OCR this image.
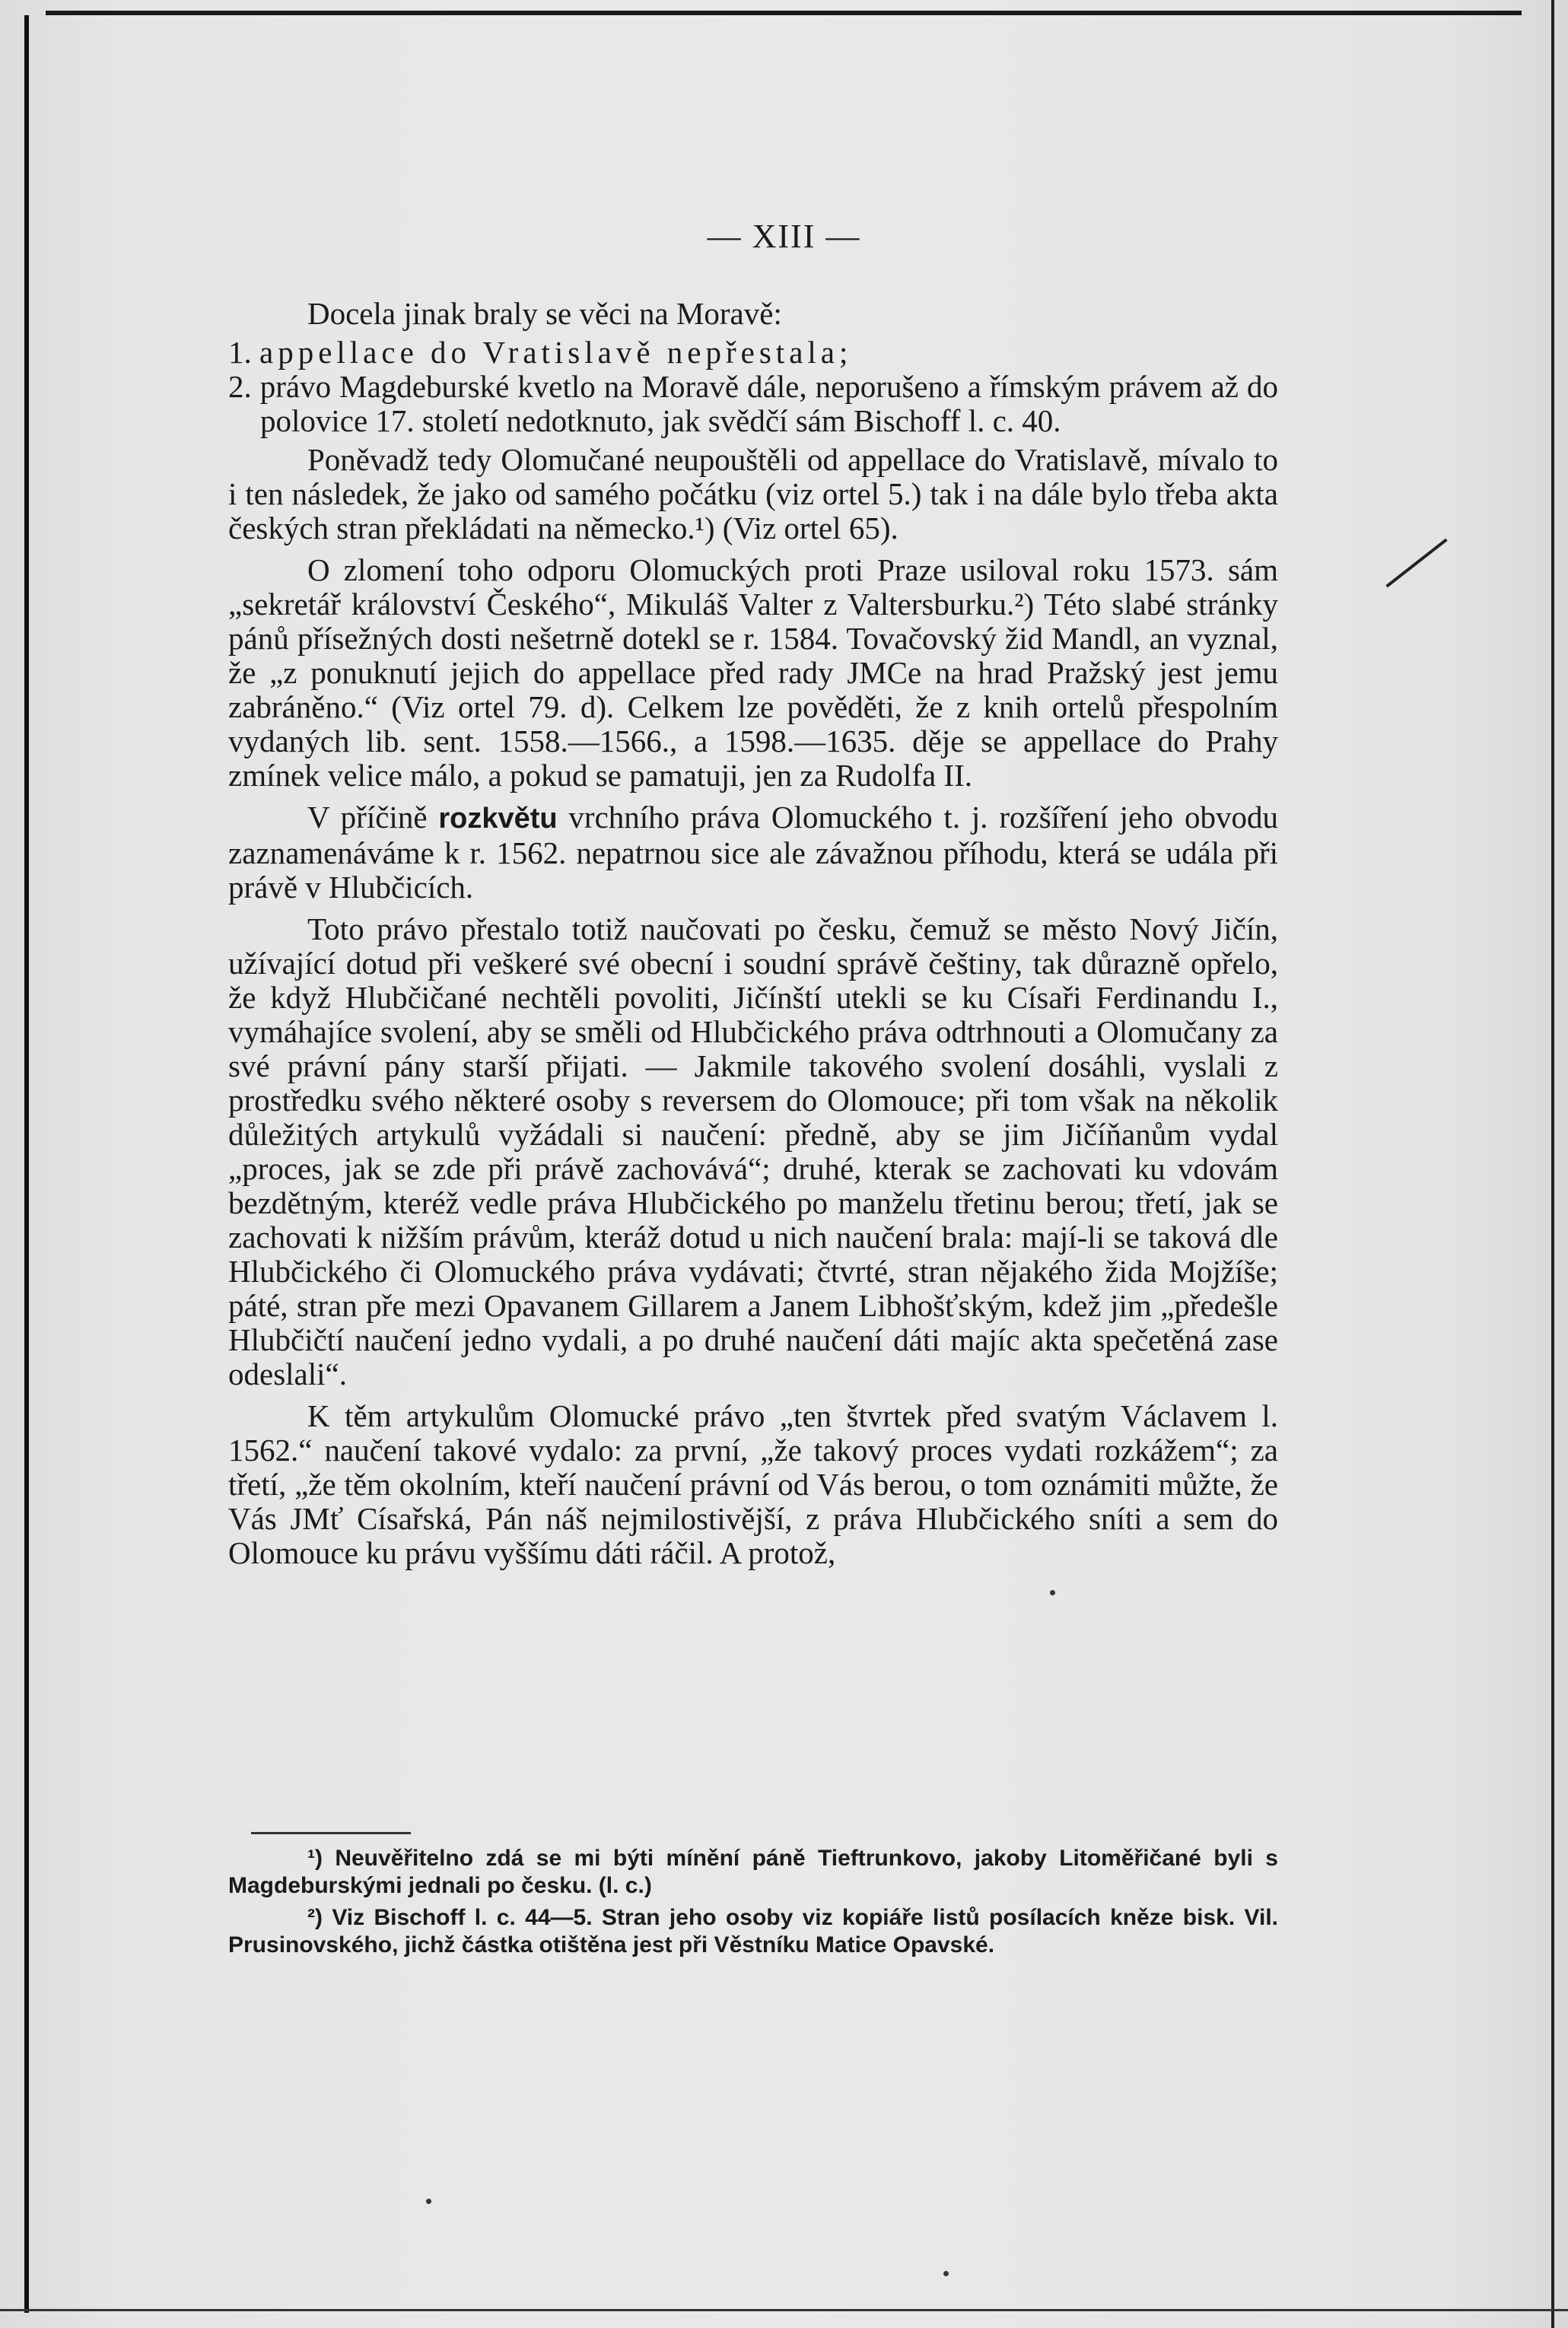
— XIII —

Docela jinak braly se věci na Moravě:

1. appellace do Vratislavě nepřestala;
2. právo Magdeburské kvetlo na Moravě dále, neporušeno a římským právem až do polovice 17. století nedotknuto, jak svědčí sám Bischoff l. c. 40.

Poněvadž tedy Olomučané neupouštěli od appellace do Vratislavě, mívalo to i ten následek, že jako od samého počátku (viz ortel 5.) tak i na dále bylo třeba akta českých stran překládati na německo.¹) (Viz ortel 65).

O zlomení toho odporu Olomuckých proti Praze usiloval roku 1573. sám „sekretář království Českého“, Mikuláš Valter z Valtersburku.²) Této slabé stránky pánů přísežných dosti nešetrně dotekl se r. 1584. Tovačovský žid Mandl, an vyznal, že „z ponuknutí jejich do appellace před rady JMCe na hrad Pražský jest jemu zabráněno.“ (Viz ortel 79. d). Celkem lze pověděti, že z knih ortelů přespolním vydaných lib. sent. 1558.—1566., a 1598.—1635. děje se appellace do Prahy zmínek velice málo, a pokud se pamatuji, jen za Rudolfa II.

V příčině rozkvětu vrchního práva Olomuckého t. j. rozšíření jeho obvodu zaznamenáváme k r. 1562. nepatrnou sice ale závažnou příhodu, která se udála při právě v Hlubčicích.

Toto právo přestalo totiž naučovati po česku, čemuž se město Nový Jičín, užívající dotud při veškeré své obecní i soudní správě češtiny, tak důrazně opřelo, že když Hlubčičané nechtěli povoliti, Jičínští utekli se ku Císaři Ferdinandu I., vymáhajíce svolení, aby se směli od Hlubčického práva odtrhnouti a Olomučany za své právní pány starší přijati. — Jakmile takového svolení dosáhli, vyslali z prostředku svého některé osoby s reversem do Olomouce; při tom však na několik důležitých artykulů vyžádali si naučení: předně, aby se jim Jičíňanům vydal „proces, jak se zde při právě zachovává“; druhé, kterak se zachovati ku vdovám bezdětným, kteréž vedle práva Hlubčického po manželu třetinu berou; třetí, jak se zachovati k nižším právům, kteráž dotud u nich naučení brala: mají-li se taková dle Hlubčického či Olomuckého práva vydávati; čtvrté, stran nějakého žida Mojžíše; páté, stran pře mezi Opavanem Gillarem a Janem Libhošťským, kdež jim „předešle Hlubčičtí naučení jedno vydali, a po druhé naučení dáti majíc akta spečetěná zase odeslali“.

K těm artykulům Olomucké právo „ten štvrtek před svatým Václavem l. 1562.“ naučení takové vydalo: za první, „že takový proces vydati rozkážem“; za třetí, „že těm okolním, kteří naučení právní od Vás berou, o tom oznámiti můžte, že Vás JMť Císařská, Pán náš nejmilostivější, z práva Hlubčického sníti a sem do Olomouce ku právu vyššímu dáti ráčil. A protož,

¹) Neuvěřitelno zdá se mi býti mínění páně Tieftrunkovo, jakoby Litoměřičané byli s Magdeburskými jednali po česku. (l. c.)

²) Viz Bischoff l. c. 44—5. Stran jeho osoby viz kopiáře listů posílacích kněze bisk. Vil. Prusinovského, jichž částka otištěna jest při Věstníku Matice Opavské.
